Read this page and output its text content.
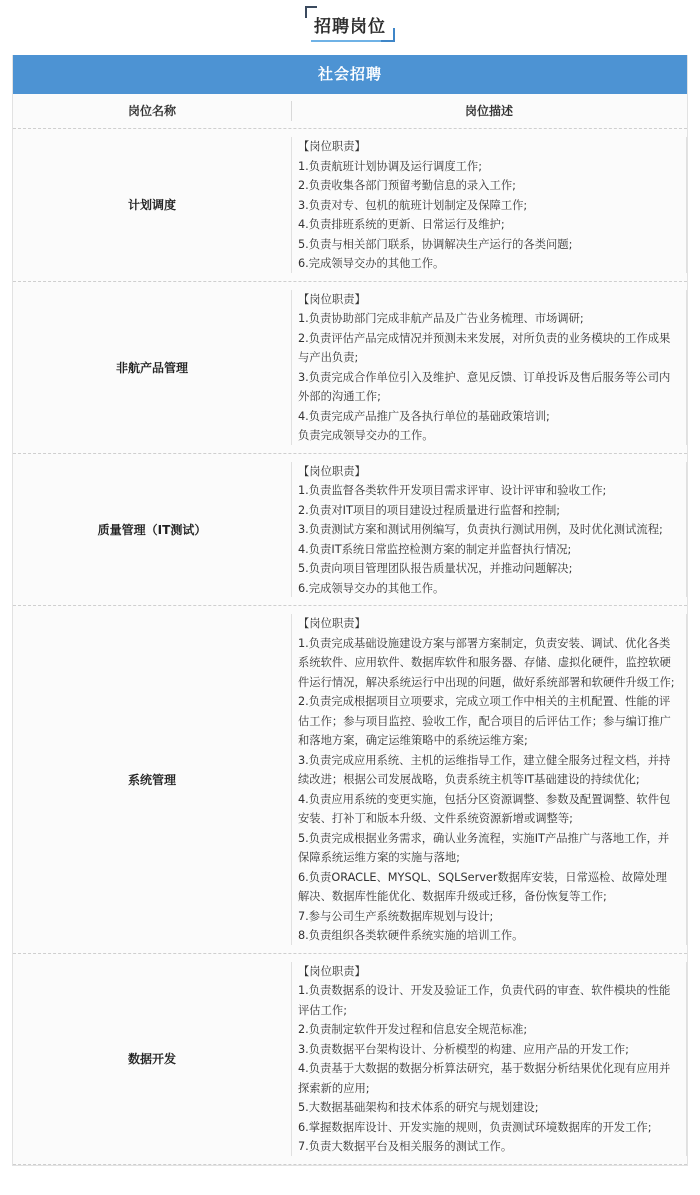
招聘岗位
社会招聘
岗位名称	岗位描述
计划调度
【岗位职责】
1.负责航班计划协调及运行调度工作;
2.负责收集各部门预留考勤信息的录入工作;
3.负责对专、包机的航班计划制定及保障工作;
4.负责排班系统的更新、日常运行及维护;
5.负责与相关部门联系，协调解决生产运行的各类问题;
6.完成领导交办的其他工作。
非航产品管理
【岗位职责】
1.负责协助部门完成非航产品及广告业务梳理、市场调研;
2.负责评估产品完成情况并预测未来发展，对所负责的业务模块的工作成果与产出负责;
3.负责完成合作单位引入及维护、意见反馈、订单投诉及售后服务等公司内外部的沟通工作;
4.负责完成产品推广及各执行单位的基础政策培训;
负责完成领导交办的工作。
质量管理（IT测试）
【岗位职责】
1.负责监督各类软件开发项目需求评审、设计评审和验收工作;
2.负责对IT项目的项目建设过程质量进行监督和控制;
3.负责测试方案和测试用例编写，负责执行测试用例，及时优化测试流程;
4.负责IT系统日常监控检测方案的制定并监督执行情况;
5.负责向项目管理团队报告质量状况，并推动问题解决;
6.完成领导交办的其他工作。
系统管理
【岗位职责】
1.负责完成基础设施建设方案与部署方案制定，负责安装、调试、优化各类系统软件、应用软件、数据库软件和服务器、存储、虚拟化硬件，监控软硬件运行情况，解决系统运行中出现的问题，做好系统部署和软硬件升级工作;
2.负责完成根据项目立项要求，完成立项工作中相关的主机配置、性能的评估工作；参与项目监控、验收工作，配合项目的后评估工作；参与编订推广和落地方案，确定运维策略中的系统运维方案;
3.负责完成应用系统、主机的运维指导工作，建立健全服务过程文档，并持续改进；根据公司发展战略，负责系统主机等IT基础建设的持续优化;
4.负责应用系统的变更实施，包括分区资源调整、参数及配置调整、软件包安装、打补丁和版本升级、文件系统资源新增或调整等;
5.负责完成根据业务需求，确认业务流程，实施IT产品推广与落地工作，并保障系统运维方案的实施与落地;
6.负责ORACLE、MYSQL、SQLServer数据库安装，日常巡检、故障处理解决、数据库性能优化、数据库升级或迁移，备份恢复等工作;
7.参与公司生产系统数据库规划与设计;
8.负责组织各类软硬件系统实施的培训工作。
数据开发
【岗位职责】
1.负责数据系的设计、开发及验证工作，负责代码的审查、软件模块的性能评估工作;
2.负责制定软件开发过程和信息安全规范标准;
3.负责数据平台架构设计、分析模型的构建、应用产品的开发工作;
4.负责基于大数据的数据分析算法研究，基于数据分析结果优化现有应用并探索新的应用;
5.大数据基础架构和技术体系的研究与规划建设;
6.掌握数据库设计、开发实施的规则，负责测试环境数据库的开发工作;
7.负责大数据平台及相关服务的测试工作。
